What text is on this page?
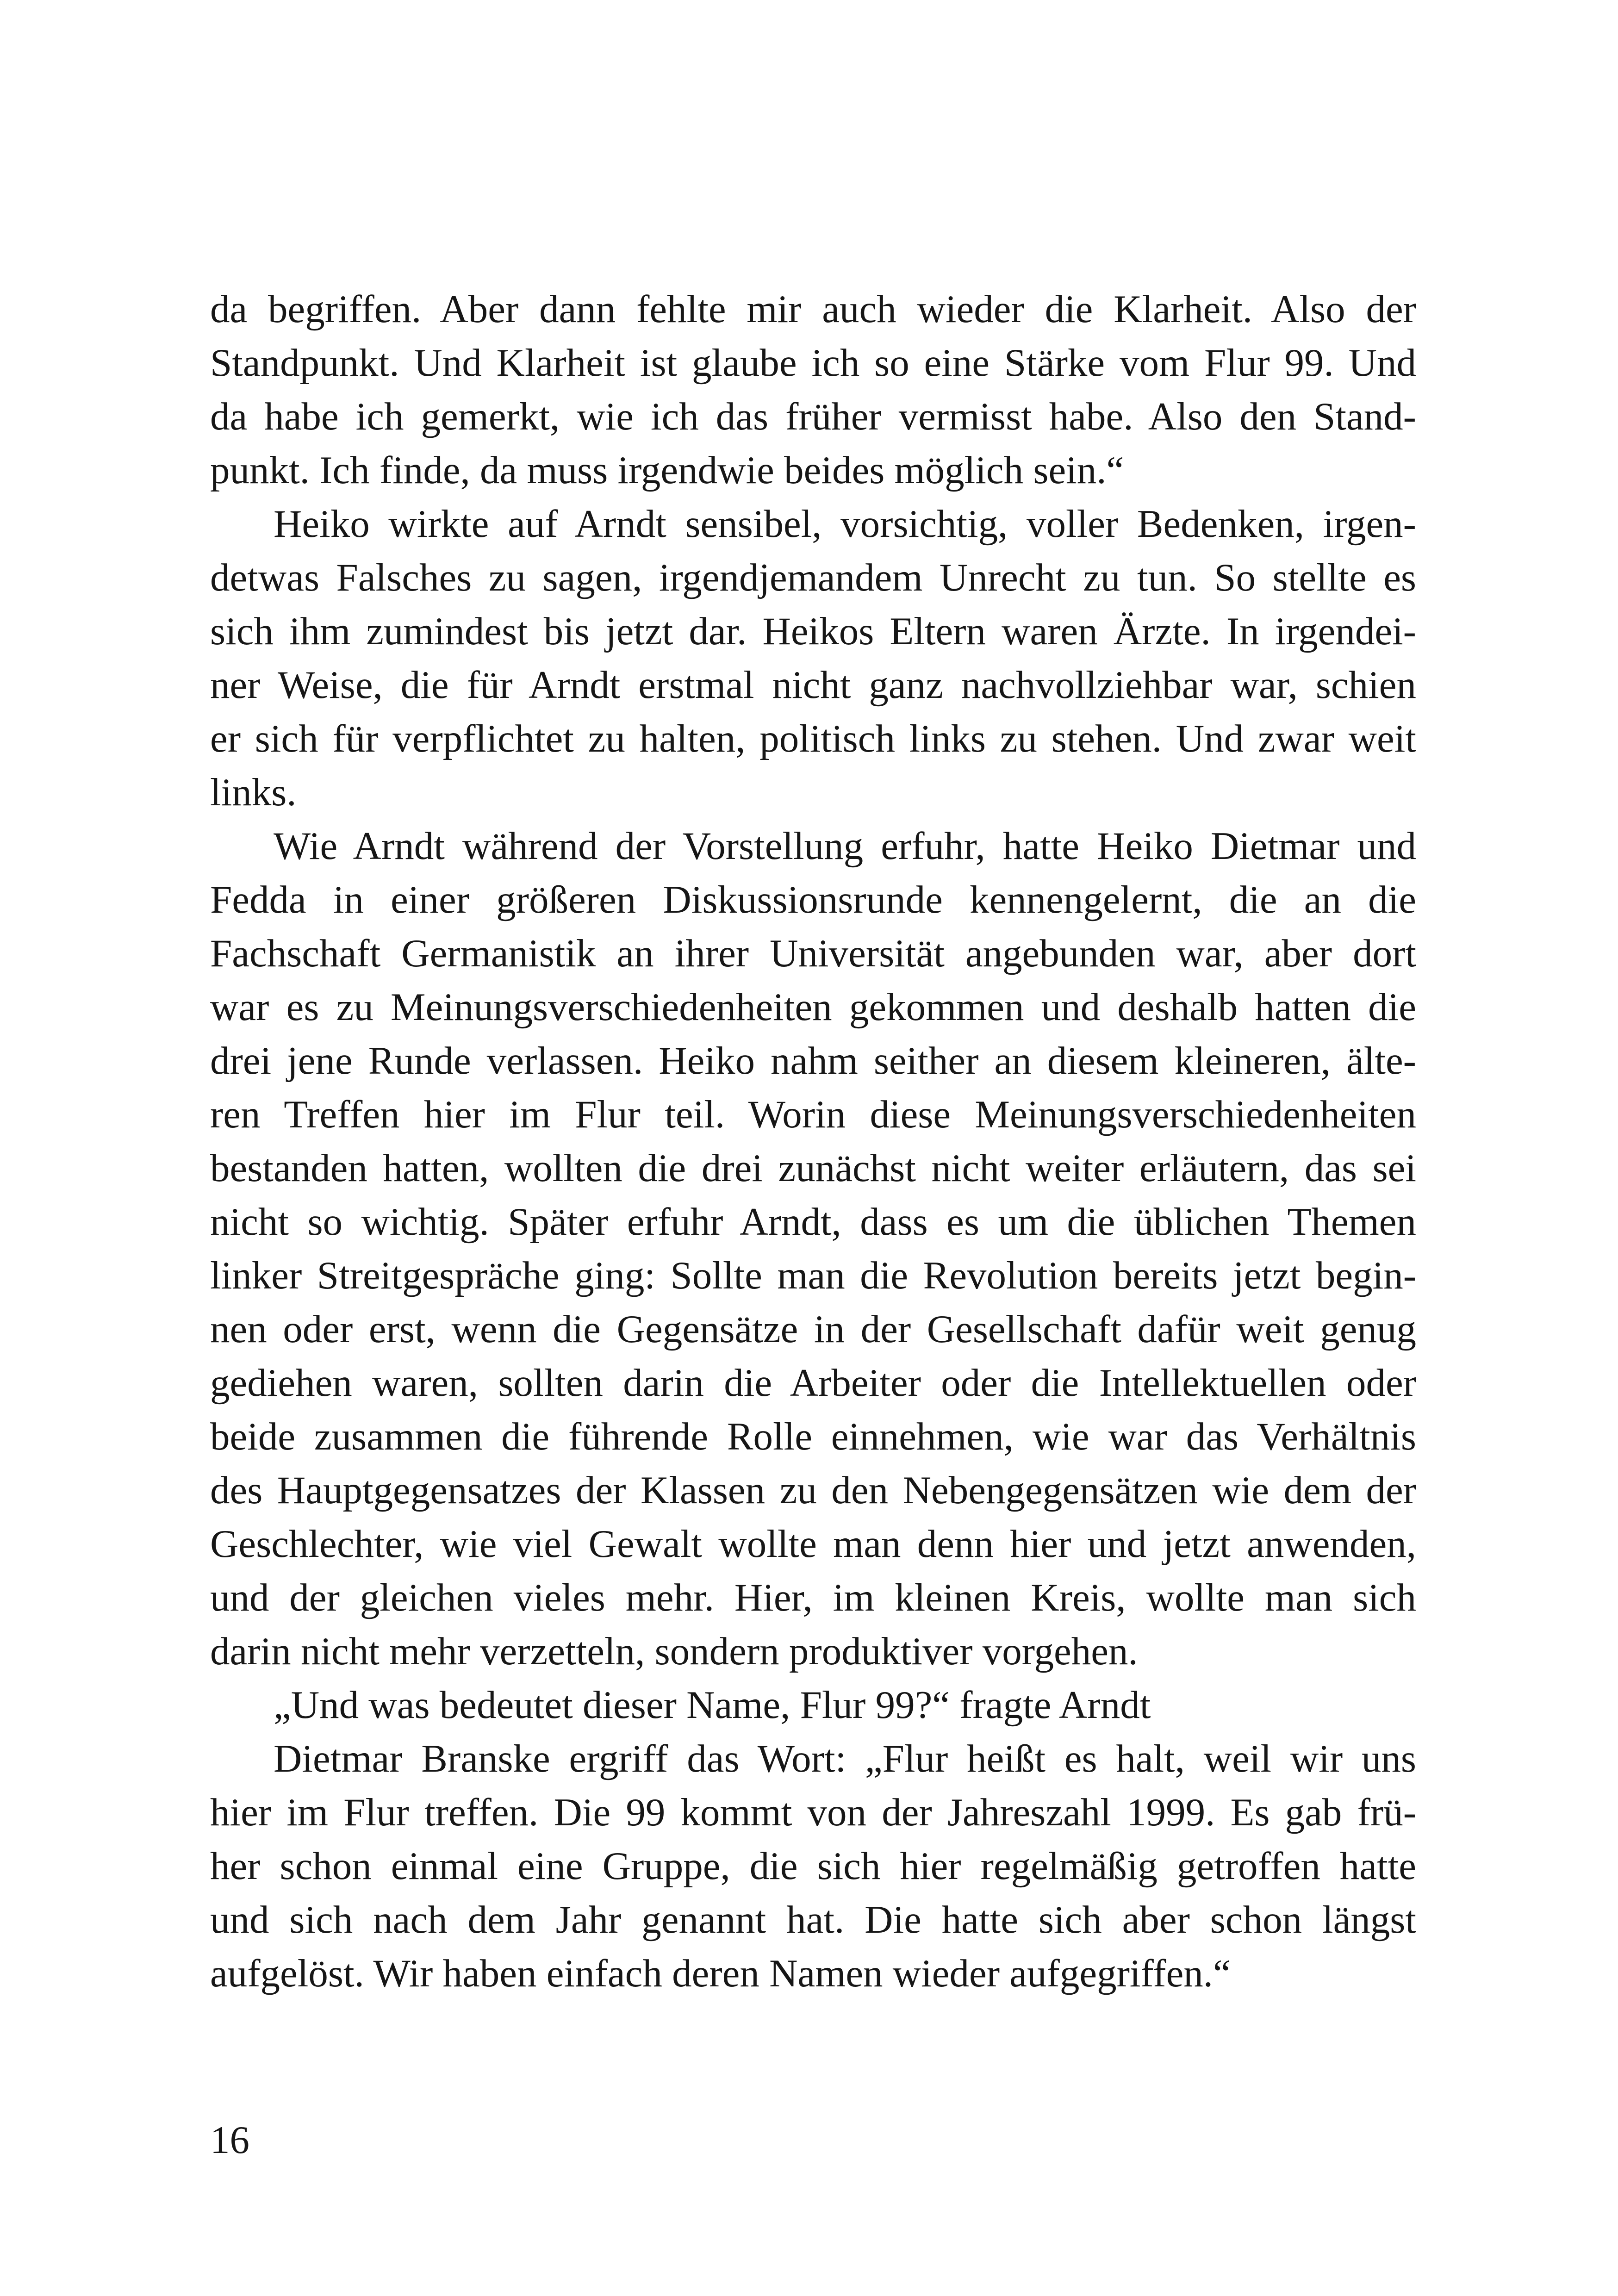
da begriffen. Aber dann fehlte mir auch wieder die Klarheit. Also der
Standpunkt. Und Klarheit ist glaube ich so eine Stärke vom Flur 99. Und
da habe ich gemerkt, wie ich das früher vermisst habe. Also den Stand-
punkt. Ich finde, da muss irgendwie beides möglich sein.“
Heiko wirkte auf Arndt sensibel, vorsichtig, voller Bedenken, irgen-
detwas Falsches zu sagen, irgendjemandem Unrecht zu tun. So stellte es
sich ihm zumindest bis jetzt dar. Heikos Eltern waren Ärzte. In irgendei-
ner Weise, die für Arndt erstmal nicht ganz nachvollziehbar war, schien
er sich für verpflichtet zu halten, politisch links zu stehen. Und zwar weit
links.
Wie Arndt während der Vorstellung erfuhr, hatte Heiko Dietmar und
Fedda in einer größeren Diskussionsrunde kennengelernt, die an die
Fachschaft Germanistik an ihrer Universität angebunden war, aber dort
war es zu Meinungsverschiedenheiten gekommen und deshalb hatten die
drei jene Runde verlassen. Heiko nahm seither an diesem kleineren, älte-
ren Treffen hier im Flur teil. Worin diese Meinungsverschiedenheiten
bestanden hatten, wollten die drei zunächst nicht weiter erläutern, das sei
nicht so wichtig. Später erfuhr Arndt, dass es um die üblichen Themen
linker Streitgespräche ging: Sollte man die Revolution bereits jetzt begin-
nen oder erst, wenn die Gegensätze in der Gesellschaft dafür weit genug
gediehen waren, sollten darin die Arbeiter oder die Intellektuellen oder
beide zusammen die führende Rolle einnehmen, wie war das Verhältnis
des Hauptgegensatzes der Klassen zu den Nebengegensätzen wie dem der
Geschlechter, wie viel Gewalt wollte man denn hier und jetzt anwenden,
und der gleichen vieles mehr. Hier, im kleinen Kreis, wollte man sich
darin nicht mehr verzetteln, sondern produktiver vorgehen.
„Und was bedeutet dieser Name, Flur 99?“ fragte Arndt
Dietmar Branske ergriff das Wort: „Flur heißt es halt, weil wir uns
hier im Flur treffen. Die 99 kommt von der Jahreszahl 1999. Es gab frü-
her schon einmal eine Gruppe, die sich hier regelmäßig getroffen hatte
und sich nach dem Jahr genannt hat. Die hatte sich aber schon längst
aufgelöst. Wir haben einfach deren Namen wieder aufgegriffen.“
16
